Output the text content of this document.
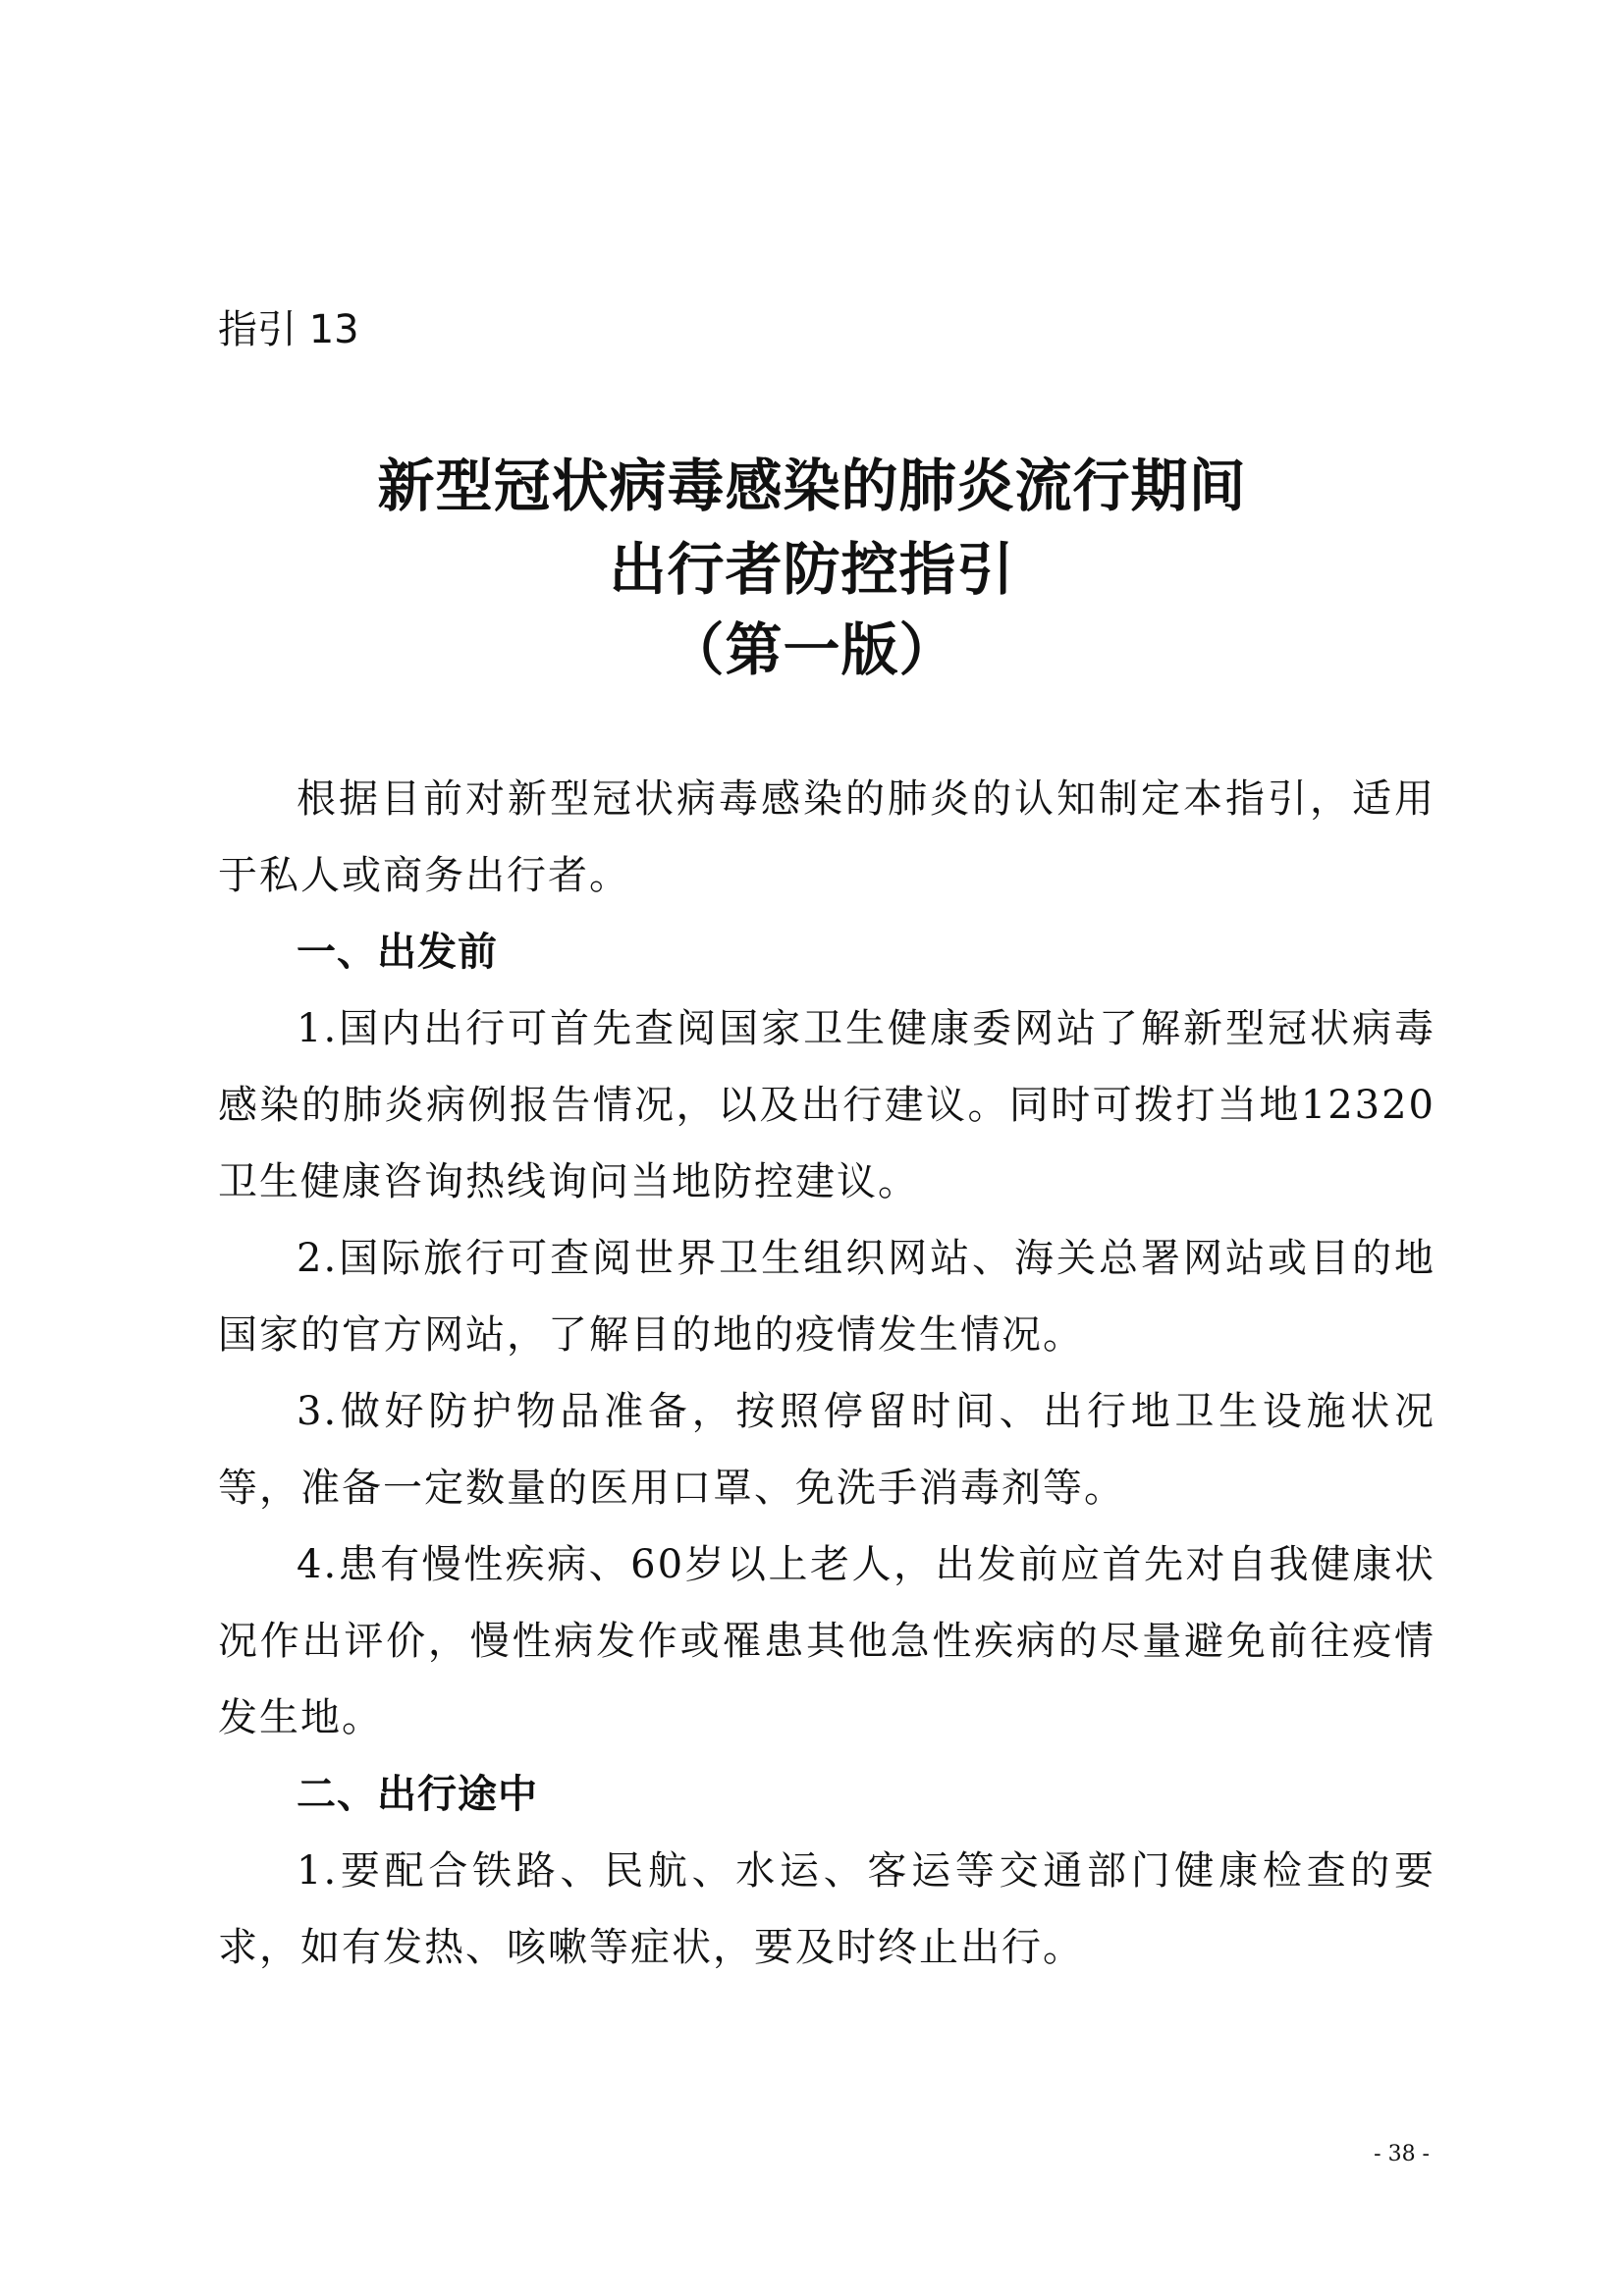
指引 13
新型冠状病毒感染的肺炎流行期间
出行者防控指引
（第一版）

根据目前对新型冠状病毒感染的肺炎的认知制定本指引，适用于私人或商务出行者。

一、出发前

1.国内出行可首先查阅国家卫生健康委网站了解新型冠状病毒感染的肺炎病例报告情况，以及出行建议。同时可拨打当地12320卫生健康咨询热线询问当地防控建议。

2.国际旅行可查阅世界卫生组织网站、海关总署网站或目的地国家的官方网站，了解目的地的疫情发生情况。

3.做好防护物品准备，按照停留时间、出行地卫生设施状况等，准备一定数量的医用口罩、免洗手消毒剂等。

4.患有慢性疾病、60岁以上老人，出发前应首先对自我健康状况作出评价，慢性病发作或罹患其他急性疾病的尽量避免前往疫情发生地。

二、出行途中

1.要配合铁路、民航、水运、客运等交通部门健康检查的要求，如有发热、咳嗽等症状，要及时终止出行。

- 38 -
